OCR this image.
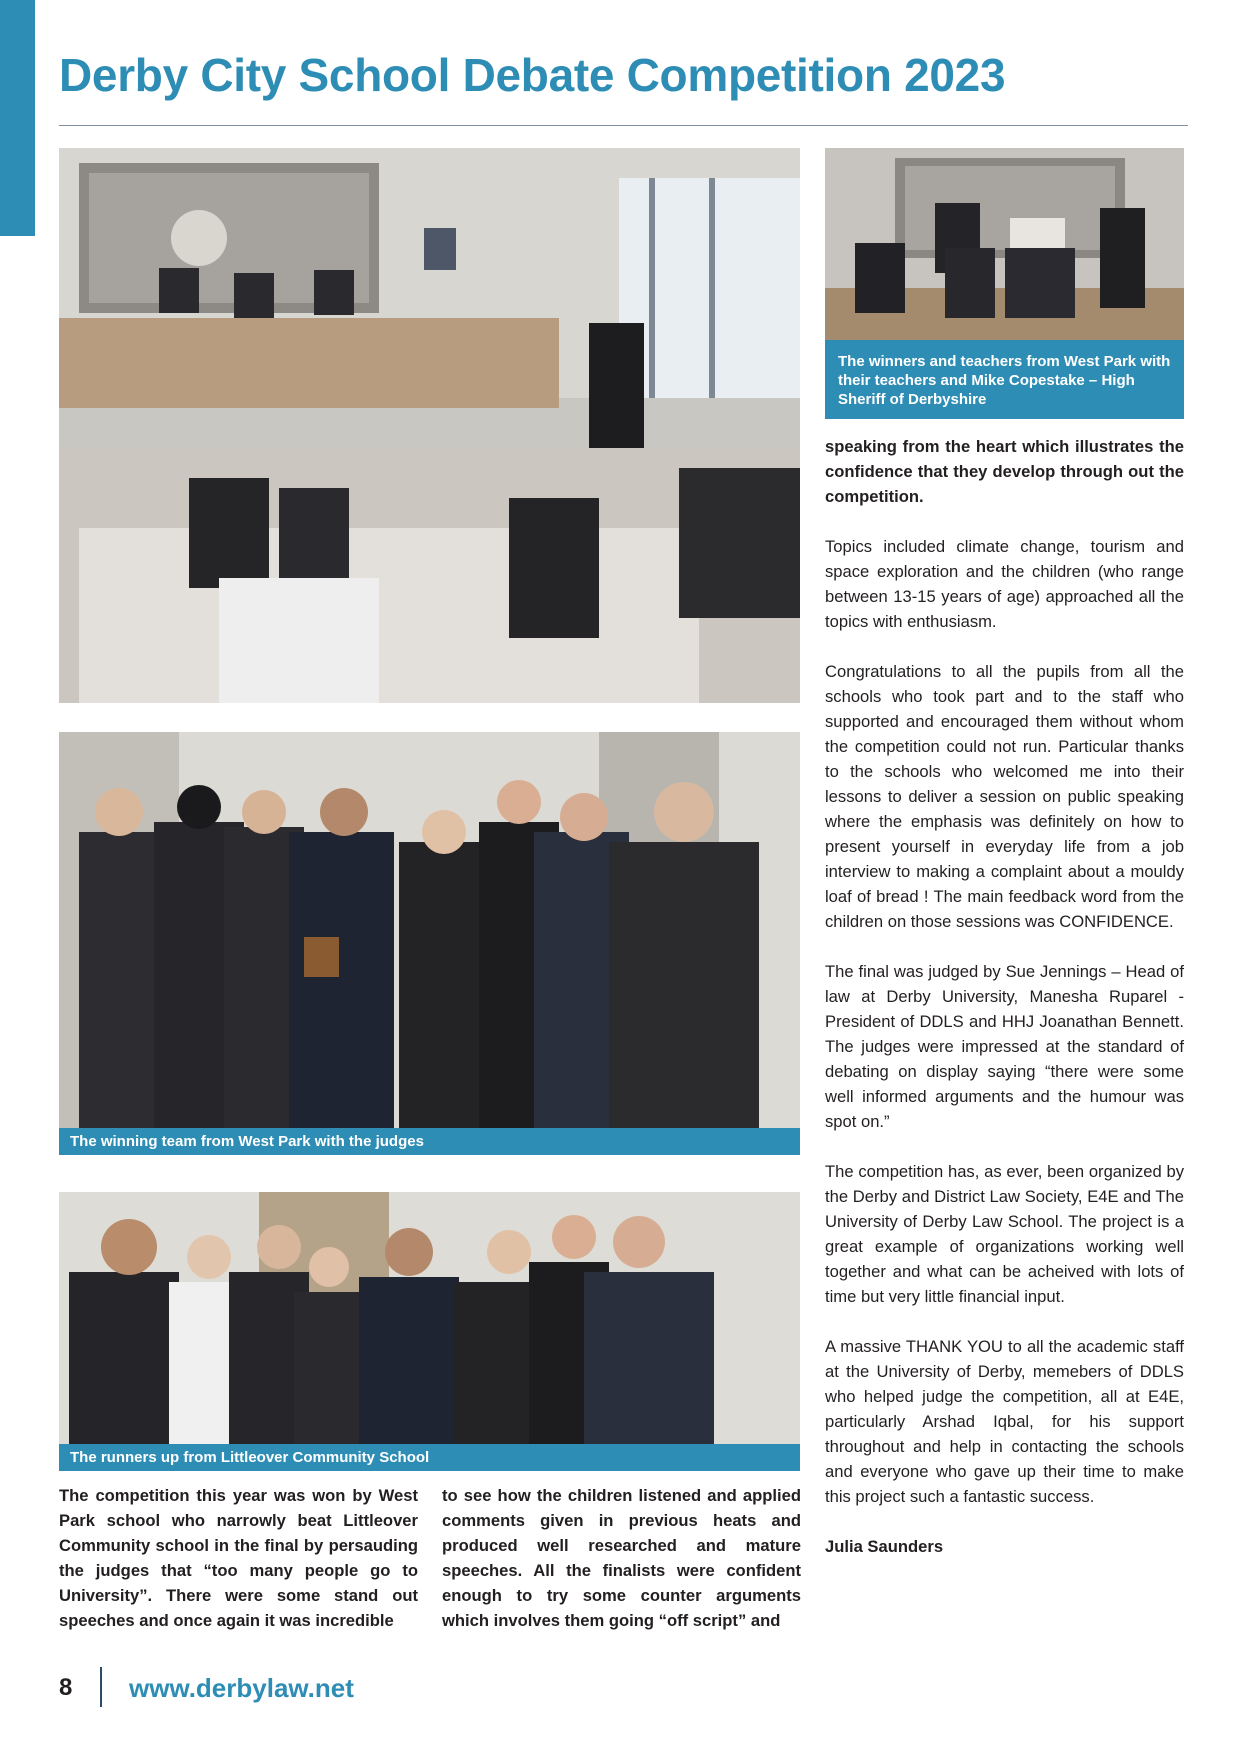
Derby City School Debate Competition 2023
The winners and teachers from West Park with their teachers and Mike Copestake – High Sheriff of Derbyshire
The winning team from West Park with the judges
The runners up from Littleover Community School
The competition this year was won by West Park school who narrowly beat Littleover Community school in the final by persauding the judges that “too many people go to University”. There were some stand out speeches and once again it was incredible
to see how the children listened and applied comments given in previous heats and produced well researched and mature speeches. All the finalists were confident enough to try some counter arguments which involves them going “off script” and

speaking from the heart which illustrates the confidence that they develop through out the competition.

Topics included climate change, tourism and space exploration and the children (who range between 13-15 years of age) approached all the topics with enthusiasm.

Congratulations to all the pupils from all the schools who took part and to the staff who supported and encouraged them without whom the competition could not run. Particular thanks to the schools who welcomed me into their lessons to deliver a session on public speaking where the emphasis was definitely on how to present yourself in everyday life from a job interview to making a complaint about a mouldy loaf of bread ! The main feedback word from the children on those sessions was CONFIDENCE.

The final was judged by Sue Jennings – Head of law at Derby University, Manesha Ruparel - President of DDLS and HHJ Joanathan Bennett. The judges were impressed at the standard of debating on display saying “there were some well informed arguments and the humour was spot on.”

The competition has, as ever, been organized by the Derby and District Law Society, E4E and The University of Derby Law School. The project is a great example of organizations working well together and what can be acheived with lots of time but very little financial input.

A massive THANK YOU to all the academic staff at the University of Derby, memebers of DDLS who helped judge the competition, all at E4E, particularly Arshad Iqbal, for his support throughout and help in contacting the schools and everyone who gave up their time to make this project such a fantastic success.

Julia Saunders
8 www.derbylaw.net
